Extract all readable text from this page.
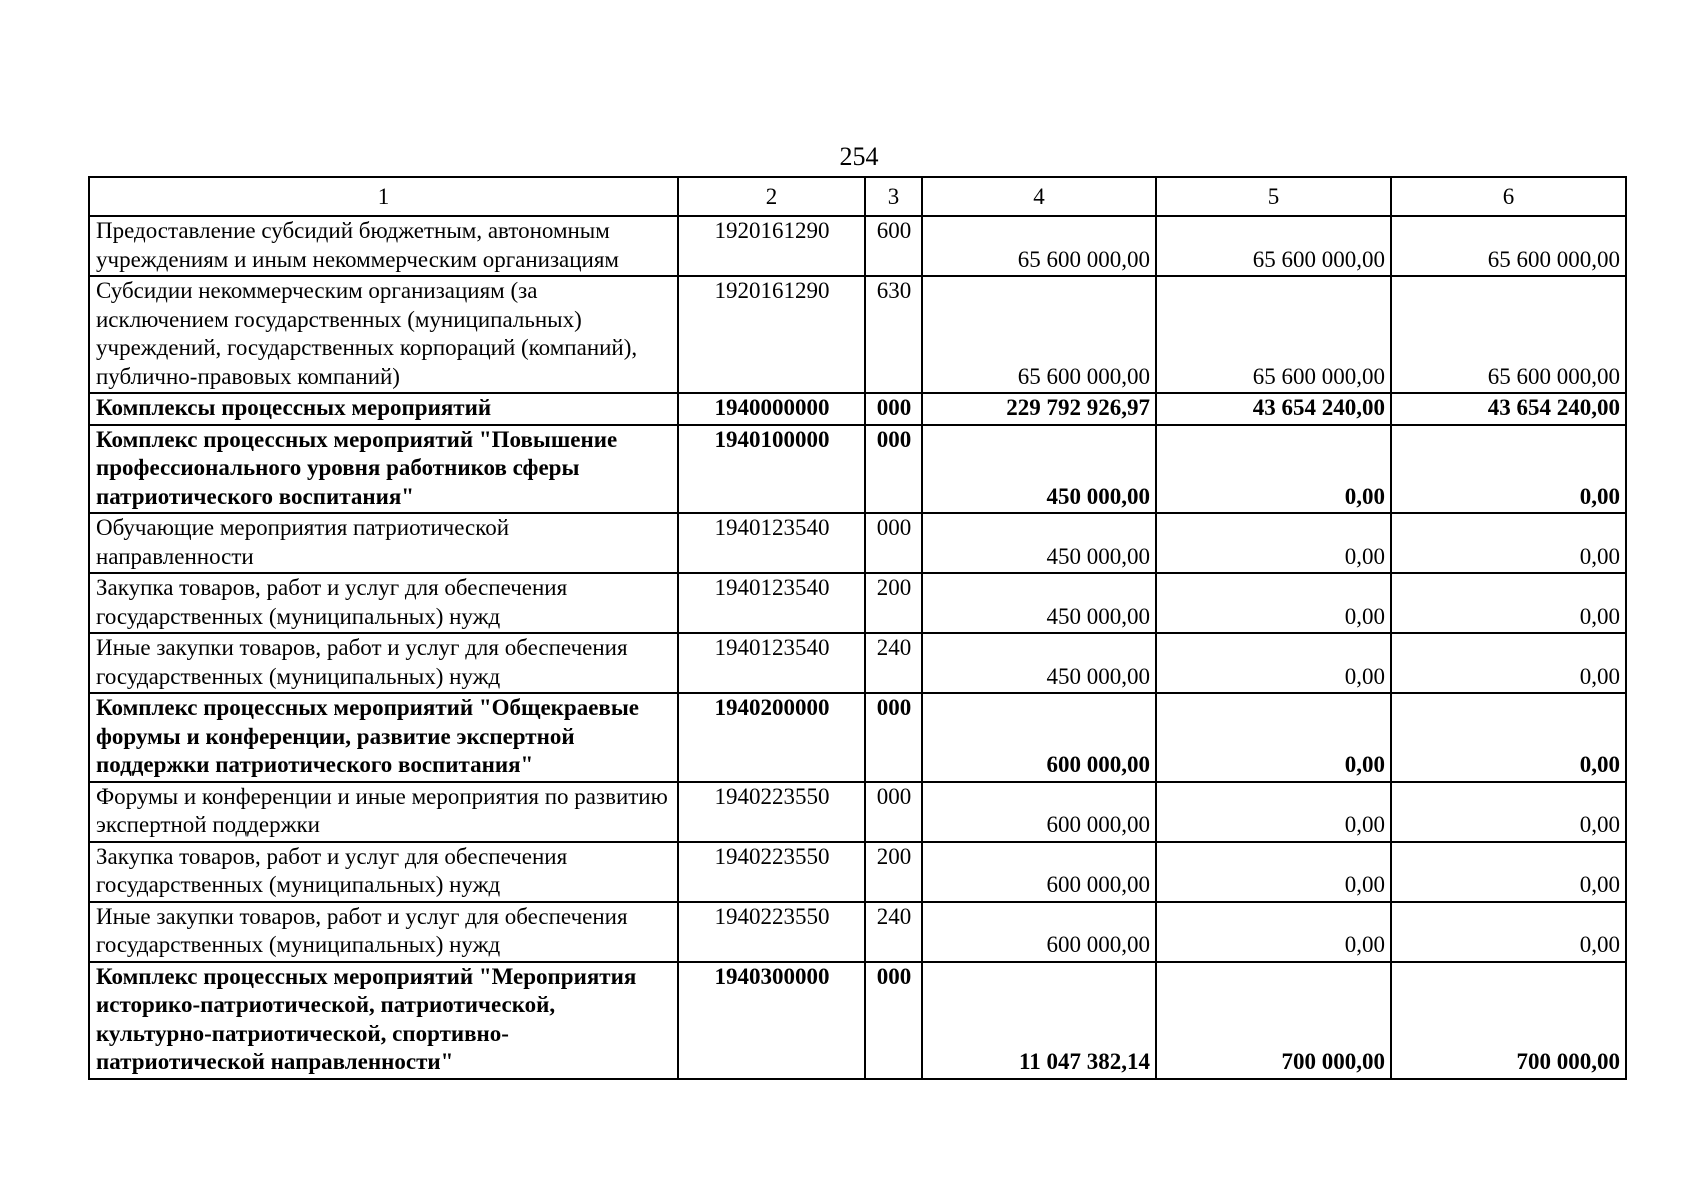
254
1	2	3	4	5	6
Предоставление субсидий бюджетным, автономным учреждениям и иным некоммерческим организациям	1920161290	600	65 600 000,00	65 600 000,00	65 600 000,00
Субсидии некоммерческим организациям (за исключением государственных (муниципальных) учреждений, государственных корпораций (компаний), публично-правовых компаний)	1920161290	630	65 600 000,00	65 600 000,00	65 600 000,00
Комплексы процессных мероприятий	1940000000	000	229 792 926,97	43 654 240,00	43 654 240,00
Комплекс процессных мероприятий "Повышение профессионального уровня работников сферы патриотического воспитания"	1940100000	000	450 000,00	0,00	0,00
Обучающие мероприятия патриотической направленности	1940123540	000	450 000,00	0,00	0,00
Закупка товаров, работ и услуг для обеспечения государственных (муниципальных) нужд	1940123540	200	450 000,00	0,00	0,00
Иные закупки товаров, работ и услуг для обеспечения государственных (муниципальных) нужд	1940123540	240	450 000,00	0,00	0,00
Комплекс процессных мероприятий "Общекраевые форумы и конференции, развитие экспертной поддержки патриотического воспитания"	1940200000	000	600 000,00	0,00	0,00
Форумы и конференции и иные мероприятия по развитию экспертной поддержки	1940223550	000	600 000,00	0,00	0,00
Закупка товаров, работ и услуг для обеспечения государственных (муниципальных) нужд	1940223550	200	600 000,00	0,00	0,00
Иные закупки товаров, работ и услуг для обеспечения государственных (муниципальных) нужд	1940223550	240	600 000,00	0,00	0,00
Комплекс процессных мероприятий "Мероприятия историко-патриотической, патриотической, культурно-патриотической, спортивно-патриотической направленности"	1940300000	000	11 047 382,14	700 000,00	700 000,00
